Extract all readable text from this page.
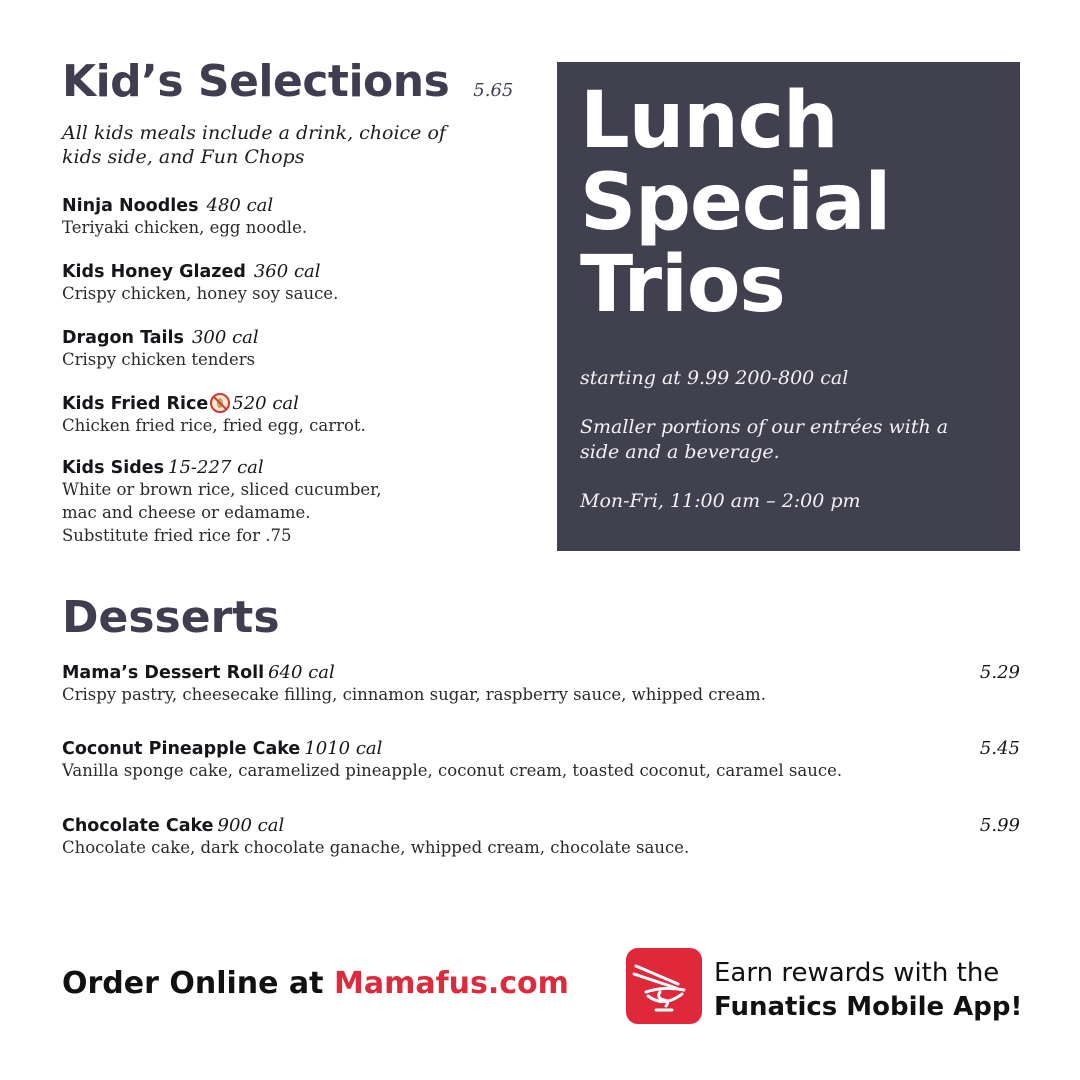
Kid’s Selections 5.65

All kids meals include a drink, choice of kids side, and Fun Chops

Ninja Noodles 480 cal
Teriyaki chicken, egg noodle.
Kids Honey Glazed 360 cal
Crispy chicken, honey soy sauce.
Dragon Tails 300 cal
Crispy chicken tenders
Kids Fried Rice 520 cal
Chicken fried rice, fried egg, carrot.
Kids Sides 15-227 cal
White or brown rice, sliced cucumber,
mac and cheese or edamame.
Substitute fried rice for .75
Lunch
Special
Trios

starting at 9.99 200-800 cal

Smaller portions of our entrées with a side and a beverage.

Mon-Fri, 11:00 am – 2:00 pm

Desserts
Mama’s Dessert Roll 640 cal	5.29
Crispy pastry, cheesecake filling, cinnamon sugar, raspberry sauce, whipped cream.
Coconut Pineapple Cake 1010 cal	5.45
Vanilla sponge cake, caramelized pineapple, coconut cream, toasted coconut, caramel sauce.
Chocolate Cake 900 cal	5.99
Chocolate cake, dark chocolate ganache, whipped cream, chocolate sauce.
Order Online at Mamafus.com	Earn rewards with the
Funatics Mobile App!
